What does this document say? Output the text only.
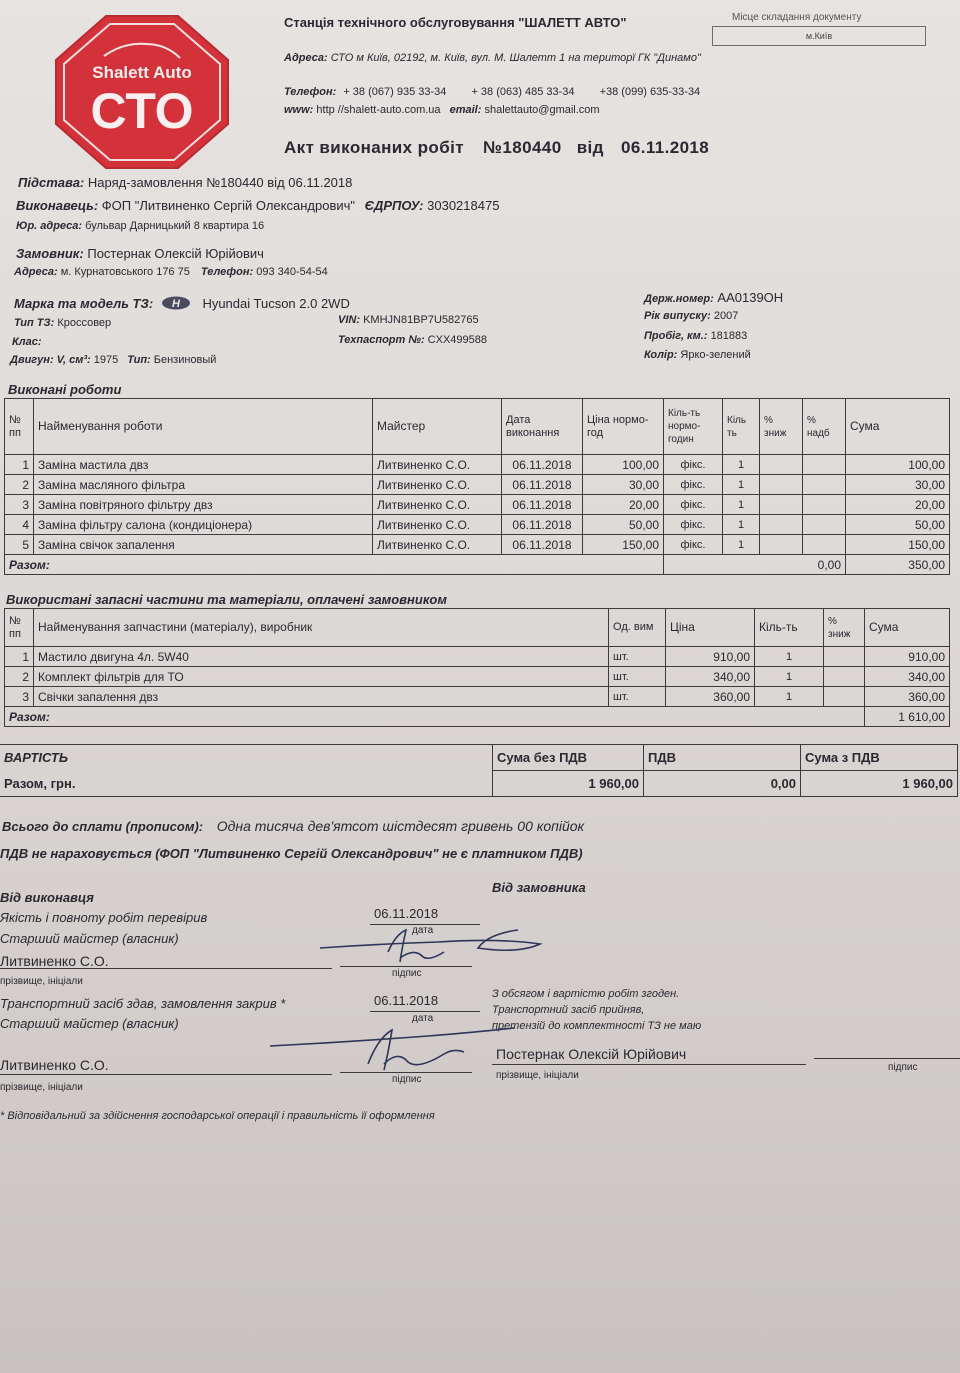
Shalett Auto
СТО
Станція технічного обслуговування "ШАЛЕТТ АВТО"
Адреса: СТО м Київ, 02192, м. Київ, вул. М. Шалетт 1 на територї ГК "Динамо"
Телефон: + 38 (067) 935 33-34 + 38 (063) 485 33-34 +38 (099) 635-33-34
www: http //shalett-auto.com.ua email: shalettauto@gmail.com
Місце складання документу
м.Київ
Акт виконаних робіт №180440 від 06.11.2018
Підстава: Наряд-замовлення №180440 від 06.11.2018
Виконавець: ФОП "Литвиненко Сергій Олександрович" ЄДРПОУ: 3030218475
Юр. адреса: бульвар Дарницький 8 квартира 16
Замовник: Постернак Олексій Юрійович
Адреса: м. Курнатовського 176 75 Телефон: 093 340-54-54
Марка та модель ТЗ: H Hyundai Tucson 2.0 2WD
Тип ТЗ: Кроссовер
Клас:
Двигун: V, см³: 1975 Тип: Бензиновый
VIN: KMHJN81BP7U582765
Техпаспорт №: CXX499588
Держ.номер: АА0139ОН
Рік випуску: 2007
Пробіг, км.: 181883
Колір: Ярко-зелений
Виконані роботи
№ пп	Найменування роботи	Майстер	Дата виконання	Ціна нормо-год	Кіль-ть нормо-годин	Кіль ть	% зниж	% надб	Сума
1	Заміна мастила двз	Литвиненко С.О.	06.11.2018	100,00	фікс.	1			100,00
2	Заміна масляного фільтра	Литвиненко С.О.	06.11.2018	30,00	фікс.	1			30,00
3	Заміна повітряного фільтру двз	Литвиненко С.О.	06.11.2018	20,00	фікс.	1			20,00
4	Заміна фільтру салона (кондиціонера)	Литвиненко С.О.	06.11.2018	50,00	фікс.	1			50,00
5	Заміна свічок запалення	Литвиненко С.О.	06.11.2018	150,00	фікс.	1			150,00
Разом:					0,00				350,00
Використані запасні частини та матеріали, оплачені замовником
№ пп	Найменування запчастини (матеріалу), виробник	Од. вим	Ціна	Кіль-ть	% зниж	Сума
1	Мастило двигуна 4л. 5W40	шт.	910,00	1		910,00
2	Комплект фільтрів для ТО	шт.	340,00	1		340,00
3	Свічки запалення двз	шт.	360,00	1		360,00
Разом:						1 610,00
ВАРТІСТЬ	Сума без ПДВ	ПДВ	Сума з ПДВ
Разом, грн.	1 960,00	0,00	1 960,00
Всього до сплати (прописом): Одна тисяча дев'ятсот шістдесят гривень 00 копійок
ПДВ не нараховується (ФОП "Литвиненко Сергій Олександрович" не є платником ПДВ)
Від виконавця
Від замовника
Якість і повноту робіт перевірив
Старший майстер (власник)
06.11.2018
дата
Литвиненко С.О.
прізвище, ініціали
підпис
Транспортний засіб здав, замовлення закрив *
Старший майстер (власник)
06.11.2018
дата
З обсягом і вартістю робіт згоден.
Транспортний засіб прийняв,
претензій до комплектності ТЗ не маю
Литвиненко С.О.
прізвище, ініціали
підпис
Постернак Олексій Юрійович
прізвище, ініціали
підпис
* Відповідальний за здійснення господарської операції і правильність її оформлення
